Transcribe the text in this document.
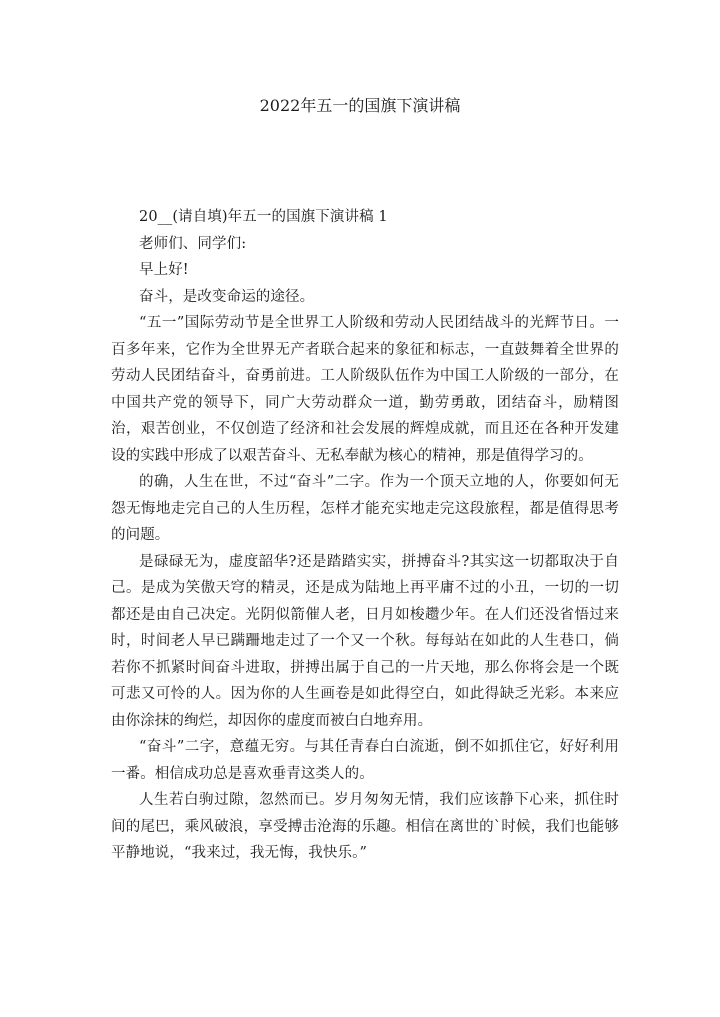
2022年五一的国旗下演讲稿

20__(请自填)年五一的国旗下演讲稿 1

老师们、同学们:

早上好!

奋斗，是改变命运的途径。

“五一”国际劳动节是全世界工人阶级和劳动人民团结战斗的光辉节日。一百多年来，它作为全世界无产者联合起来的象征和标志，一直鼓舞着全世界的劳动人民团结奋斗，奋勇前进。工人阶级队伍作为中国工人阶级的一部分，在中国共产党的领导下，同广大劳动群众一道，勤劳勇敢，团结奋斗，励精图治，艰苦创业，不仅创造了经济和社会发展的辉煌成就，而且还在各种开发建设的实践中形成了以艰苦奋斗、无私奉献为核心的精神，那是值得学习的。

的确，人生在世，不过“奋斗”二字。作为一个顶天立地的人，你要如何无怨无悔地走完自己的人生历程，怎样才能充实地走完这段旅程，都是值得思考的问题。

是碌碌无为，虚度韶华?还是踏踏实实，拼搏奋斗?其实这一切都取决于自己。是成为笑傲天穹的精灵，还是成为陆地上再平庸不过的小丑，一切的一切都还是由自己决定。光阴似箭催人老，日月如梭趱少年。在人们还没省悟过来时，时间老人早已蹒跚地走过了一个又一个秋。每每站在如此的人生巷口，倘若你不抓紧时间奋斗进取，拼搏出属于自己的一片天地，那么你将会是一个既可悲又可怜的人。因为你的人生画卷是如此得空白，如此得缺乏光彩。本来应由你涂抹的绚烂，却因你的虚度而被白白地弃用。

“奋斗”二字，意蕴无穷。与其任青春白白流逝，倒不如抓住它，好好利用一番。相信成功总是喜欢垂青这类人的。

人生若白驹过隙，忽然而已。岁月匆匆无情，我们应该静下心来，抓住时间的尾巴，乘风破浪，享受搏击沧海的乐趣。相信在离世的`时候，我们也能够平静地说，“我来过，我无悔，我快乐。”
